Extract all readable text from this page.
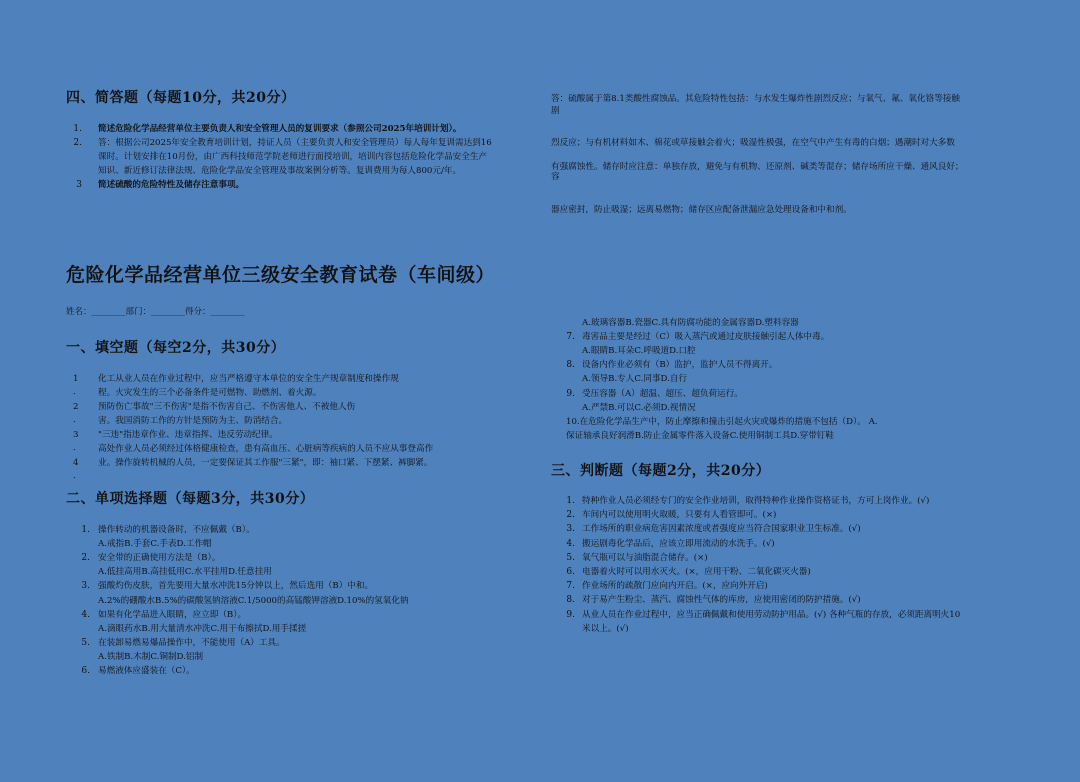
四、简答题（每题10分，共20分）
1. 简述危险化学品经营单位主要负责人和安全管理人员的复训要求（参照公司2025年培训计划）。
2. 答：根据公司2025年安全教育培训计划，持证人员（主要负责人和安全管理员）每人每年复训需达到16
课时。计划安排在10月份，由广西科技师范学院老师进行面授培训，培训内容包括危险化学品安全生产
知识、新近修订法律法规、危险化学品安全管理及事故案例分析等。复训费用为每人800元/年。
3 简述硫酸的危险特性及储存注意事项。
答：硫酸属于第8.1类酸性腐蚀品。其危险特性包括：与水发生爆炸性剧烈反应；与氧气、氟、氧化铬等接触
剧
烈反应；与有机材料如木、棉花或草接触会着火；吸湿性极强，在空气中产生有毒的白烟；遇潮时对大多数
有强腐蚀性。储存时应注意：单独存放，避免与有机物、还原剂、碱类等混存；储存场所应干燥、通风良好；
容
器应密封，防止吸湿；远离易燃物；储存区应配备泄漏应急处理设备和中和剂。
危险化学品经营单位三级安全教育试卷（车间级）
姓名：________部门：________得分：________
一、填空题（每空2分，共30分）
1
．
2
．
3
．
4
．
化工从业人员在作业过程中，应当严格遵守本单位的安全生产规章制度和操作规
程。火灾发生的三个必备条件是可燃物、助燃剂、着火源。
预防伤亡事故"三不伤害"是指不伤害自己、不伤害他人、不被他人伤
害。我国消防工作的方针是预防为主、防消结合。
"三违"指违章作业、违章指挥、违反劳动纪律。
高处作业人员必须经过体格健康检查，患有高血压、心脏病等疾病的人员不应从事登高作
业。操作旋转机械的人员，一定要保证其工作服"三紧"，即：袖口紧、下摆紧、裤脚紧。
二、单项选择题（每题3分，共30分）
1. 操作转动的机器设备时，不应佩戴（B）。
A.戒指B.手套C.手表D.工作帽
2. 安全带的正确使用方法是（B）。
A.低挂高用B.高挂低用C.水平挂用D.任意挂用
3. 强酸灼伤皮肤，首先要用大量水冲洗15分钟以上，然后选用（B）中和。
A.2%的硼酸水B.5%的碳酸氢钠溶液C.1/5000的高锰酸钾溶液D.10%的氢氧化钠
4. 如果有化学品进入眼睛，应立即（B）。
A.滴眼药水B.用大量清水冲洗C.用干布擦拭D.用手揉搓
5. 在装卸易燃易爆品操作中，不能使用（A）工具。
A.铁制B.木制C.铜制D.铝制
6. 易燃液体应盛装在（C）。
A.玻璃容器B.瓷器C.具有防腐功能的金属容器D.塑料容器
7. 毒害品主要是经过（C）吸入蒸汽或通过皮肤接触引起人体中毒。
A.眼睛B.耳朵C.呼吸道D.口腔
8. 设备内作业必须有（B）监护，监护人员不得离开。
A.领导B.专人C.同事D.自行
9. 受压容器（A）超温、超压、超负荷运行。
A.严禁B.可以C.必须D.视情况
10.在危险化学品生产中，防止摩擦和撞击引起火灾或爆炸的措施不包括（D）。 A.
保证轴承良好润滑B.防止金属零件落入设备C.使用铜制工具D.穿带钉鞋
三、判断题（每题2分，共20分）
1. 特种作业人员必须经专门的安全作业培训，取得特种作业操作资格证书，方可上岗作业。(√)
2. 车间内可以使用明火取暖，只要有人看管即可。(×)
3. 工作场所的职业病危害因素浓度或者强度应当符合国家职业卫生标准。(√)
4. 搬运剧毒化学品后，应该立即用流动的水洗手。(√)
5. 氧气瓶可以与油脂混合储存。(×)
6. 电器着火时可以用水灭火。(×，应用干粉、二氧化碳灭火器)
7. 作业场所的疏散门应向内开启。(×，应向外开启)
8. 对于易产生粉尘、蒸汽、腐蚀性气体的库房，应使用密闭的防护措施。(√)
9. 从业人员在作业过程中，应当正确佩戴和使用劳动防护用品。(√) 各种气瓶的存放，必须距离明火10
米以上。(√)
